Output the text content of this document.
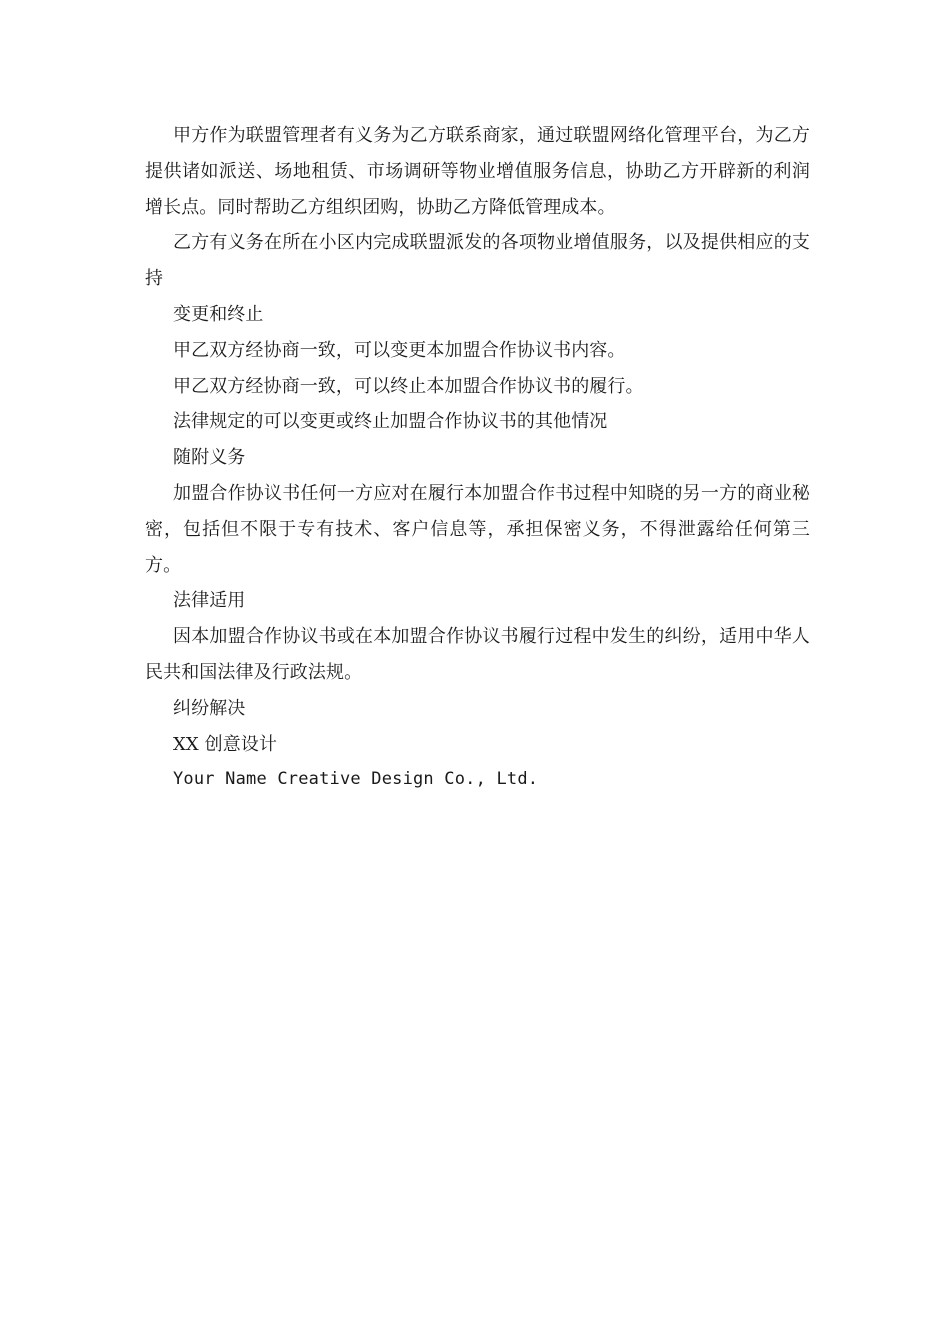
甲方作为联盟管理者有义务为乙方联系商家，通过联盟网络化管理平台，为乙方提供诸如派送、场地租赁、市场调研等物业增值服务信息，协助乙方开辟新的利润增长点。同时帮助乙方组织团购，协助乙方降低管理成本。

乙方有义务在所在小区内完成联盟派发的各项物业增值服务，以及提供相应的支持

变更和终止

甲乙双方经协商一致，可以变更本加盟合作协议书内容。

甲乙双方经协商一致，可以终止本加盟合作协议书的履行。

法律规定的可以变更或终止加盟合作协议书的其他情况

随附义务

加盟合作协议书任何一方应对在履行本加盟合作书过程中知晓的另一方的商业秘密，包括但不限于专有技术、客户信息等，承担保密义务，不得泄露给任何第三方。

法律适用

因本加盟合作协议书或在本加盟合作协议书履行过程中发生的纠纷，适用中华人民共和国法律及行政法规。

纠纷解决

XX 创意设计

Your Name Creative Design Co., Ltd.
